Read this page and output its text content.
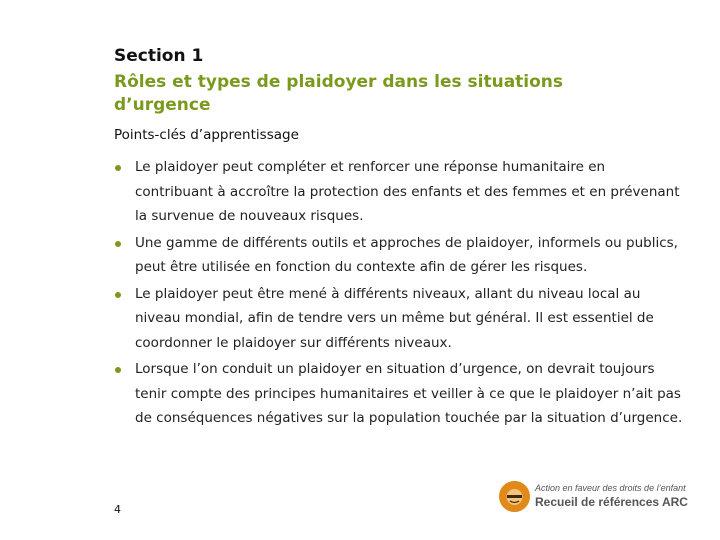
Section 1
Rôles et types de plaidoyer dans les situations d’urgence
Points-clés d’apprentissage
Le plaidoyer peut compléter et renforcer une réponse humanitaire en contribuant à accroître la protection des enfants et des femmes et en prévenant la survenue de nouveaux risques.
Une gamme de différents outils et approches de plaidoyer, informels ou publics, peut être utilisée en fonction du contexte afin de gérer les risques.
Le plaidoyer peut être mené à différents niveaux, allant du niveau local au niveau mondial, afin de tendre vers un même but général. Il est essentiel de coordonner le plaidoyer sur différents niveaux.
Lorsque l’on conduit un plaidoyer en situation d’urgence, on devrait toujours tenir compte des principes humanitaires et veiller à ce que le plaidoyer n’ait pas de conséquences négatives sur la population touchée par la situation d’urgence.
4
Action en faveur des droits de l’enfant
Recueil de références ARC
